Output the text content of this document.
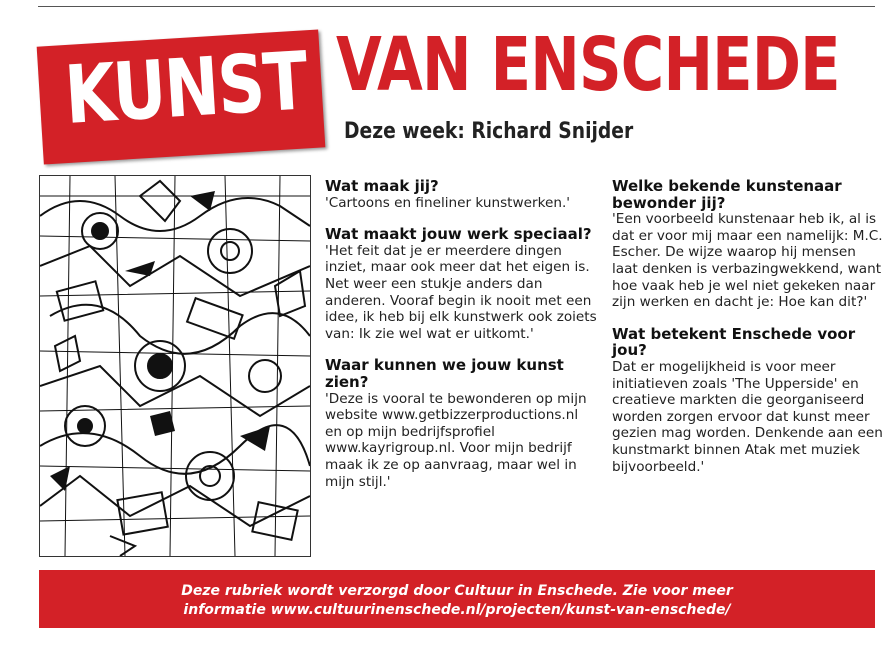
KUNST VAN ENSCHEDE
Deze week: Richard Snijder
Wat maak jij?
'Cartoons en fineliner kunstwerken.'
Wat maakt jouw werk speciaal?
'Het feit dat je er meerdere dingen inziet, maar ook meer dat het eigen is. Net weer een stukje anders dan anderen. Vooraf begin ik nooit met een idee, ik heb bij elk kunstwerk ook zoiets van: Ik zie wel wat er uitkomt.'
Waar kunnen we jouw kunst zien?
'Deze is vooral te bewonderen op mijn website www.getbizzerproductions.nl en op mijn bedrijfsprofiel www.kayrigroup.nl. Voor mijn bedrijf maak ik ze op aanvraag, maar wel in mijn stijl.'
Welke bekende kunstenaar bewonder jij?
'Een voorbeeld kunstenaar heb ik, al is dat er voor mij maar een namelijk: M.C. Escher. De wijze waarop hij mensen laat denken is verbazingwekkend, want hoe vaak heb je wel niet gekeken naar zijn werken en dacht je: Hoe kan dit?'
Wat betekent Enschede voor jou?
Dat er mogelijkheid is voor meer initiatieven zoals 'The Upperside' en creatieve markten die georganiseerd worden zorgen ervoor dat kunst meer gezien mag worden. Denkende aan een kunstmarkt binnen Atak met muziek bijvoorbeeld.'
Deze rubriek wordt verzorgd door Cultuur in Enschede. Zie voor meer
informatie www.cultuurinenschede.nl/projecten/kunst-van-enschede/
